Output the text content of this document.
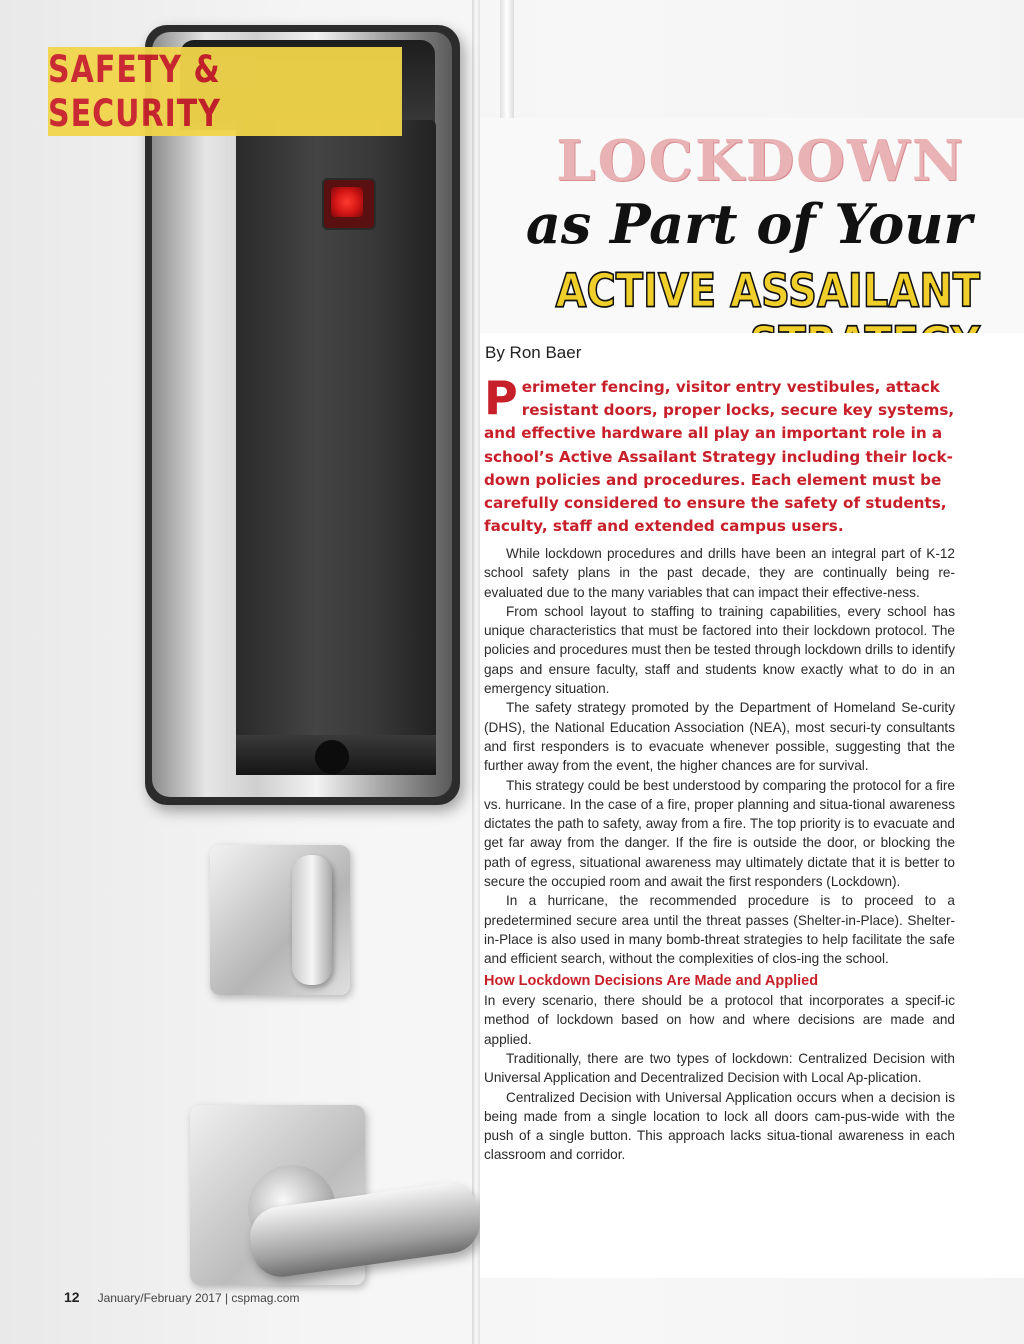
SAFETY & SECURITY
LOCKDOWN
as Part of Your
ACTIVE ASSAILANT
By Ron Baer
Perimeter fencing, visitor entry vestibules, attack resistant doors, proper locks, secure key systems, and effective hardware all play an important role in a school’s Active Assailant Strategy including their lock-down policies and procedures. Each element must be carefully considered to ensure the safety of students, faculty, staff and extended campus users.

While lockdown procedures and drills have been an integral part of K-12 school safety plans in the past decade, they are continually being re-evaluated due to the many variables that can impact their effective-ness.

From school layout to staffing to training capabilities, every school has unique characteristics that must be factored into their lockdown protocol. The policies and procedures must then be tested through lockdown drills to identify gaps and ensure faculty, staff and students know exactly what to do in an emergency situation.

The safety strategy promoted by the Department of Homeland Se-curity (DHS), the National Education Association (NEA), most securi-ty consultants and first responders is to evacuate whenever possible, suggesting that the further away from the event, the higher chances are for survival.

This strategy could be best understood by comparing the protocol for a fire vs. hurricane. In the case of a fire, proper planning and situa-tional awareness dictates the path to safety, away from a fire. The top priority is to evacuate and get far away from the danger. If the fire is outside the door, or blocking the path of egress, situational awareness may ultimately dictate that it is better to secure the occupied room and await the first responders (Lockdown).

In a hurricane, the recommended procedure is to proceed to a predetermined secure area until the threat passes (Shelter-in-Place). Shelter-in-Place is also used in many bomb-threat strategies to help facilitate the safe and efficient search, without the complexities of clos-ing the school.

How Lockdown Decisions Are Made and Applied

In every scenario, there should be a protocol that incorporates a specif-ic method of lockdown based on how and where decisions are made and applied.

Traditionally, there are two types of lockdown: Centralized Decision with Universal Application and Decentralized Decision with Local Ap-plication.

Centralized Decision with Universal Application occurs when a decision is being made from a single location to lock all doors cam-pus-wide with the push of a single button. This approach lacks situa-tional awareness in each classroom and corridor.

12 January/February 2017 | cspmag.com
